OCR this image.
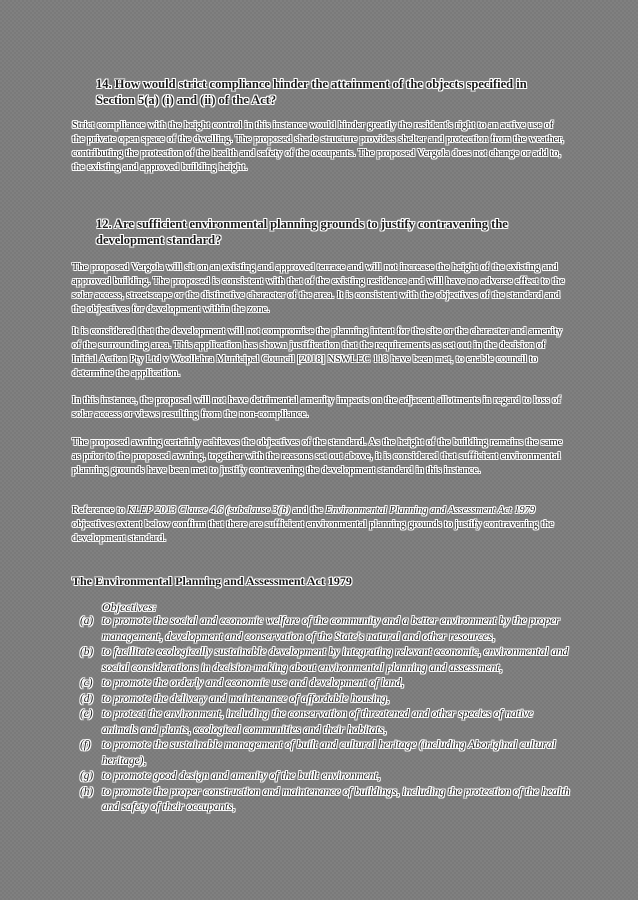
14. How would strict compliance hinder the attainment of the objects specified in Section 5(a) (i) and (ii) of the Act?

Strict compliance with the height control in this instance would hinder greatly the resident's right to an active use of the private open space of the dwelling. The proposed shade structure provides shelter and protection from the weather, contributing the protection of the health and safety of the occupants. The proposed Vergola does not change or add to, the existing and approved building height.

12. Are sufficient environmental planning grounds to justify contravening the development standard?

The proposed Vergola will sit on an existing and approved terrace and will not increase the height of the existing and approved building. The proposed is consistent with that of the existing residence and will have no adverse effect to the solar access, streetscape or the distinctive character of the area. It is consistent with the objectives of the standard and the objectives for development within the zone.

It is considered that the development will not compromise the planning intent for the site or the character and amenity of the surrounding area. This application has shown justification that the requirements as set out in the decision of Initial Action Pty Ltd v Woollahra Municipal Council [2018] NSWLEC 118 have been met, to enable council to determine the application.

In this instance, the proposal will not have detrimental amenity impacts on the adjacent allotments in regard to loss of solar access or views resulting from the non-compliance.

The proposed awning certainly achieves the objectives of the standard. As the height of the building remains the same as prior to the proposed awning, together with the reasons set out above, it is considered that sufficient environmental planning grounds have been met to justify contravening the development standard in this instance.

Reference to KLEP 2013 Clause 4.6 (subclause 3(b) and the Environmental Planning and Assessment Act 1979 objectives extent below confirm that there are sufficient environmental planning grounds to justify contravening the development standard.

The Environmental Planning and Assessment Act 1979

Objectives:

(a) to promote the social and economic welfare of the community and a better environment by the proper management, development and conservation of the State's natural and other resources,
(b) to facilitate ecologically sustainable development by integrating relevant economic, environmental and social considerations in decision-making about environmental planning and assessment,
(c) to promote the orderly and economic use and development of land,
(d) to promote the delivery and maintenance of affordable housing,
(e) to protect the environment, including the conservation of threatened and other species of native animals and plants, ecological communities and their habitats,
(f) to promote the sustainable management of built and cultural heritage (including Aboriginal cultural heritage),
(g) to promote good design and amenity of the built environment,
(h) to promote the proper construction and maintenance of buildings, including the protection of the health and safety of their occupants,
